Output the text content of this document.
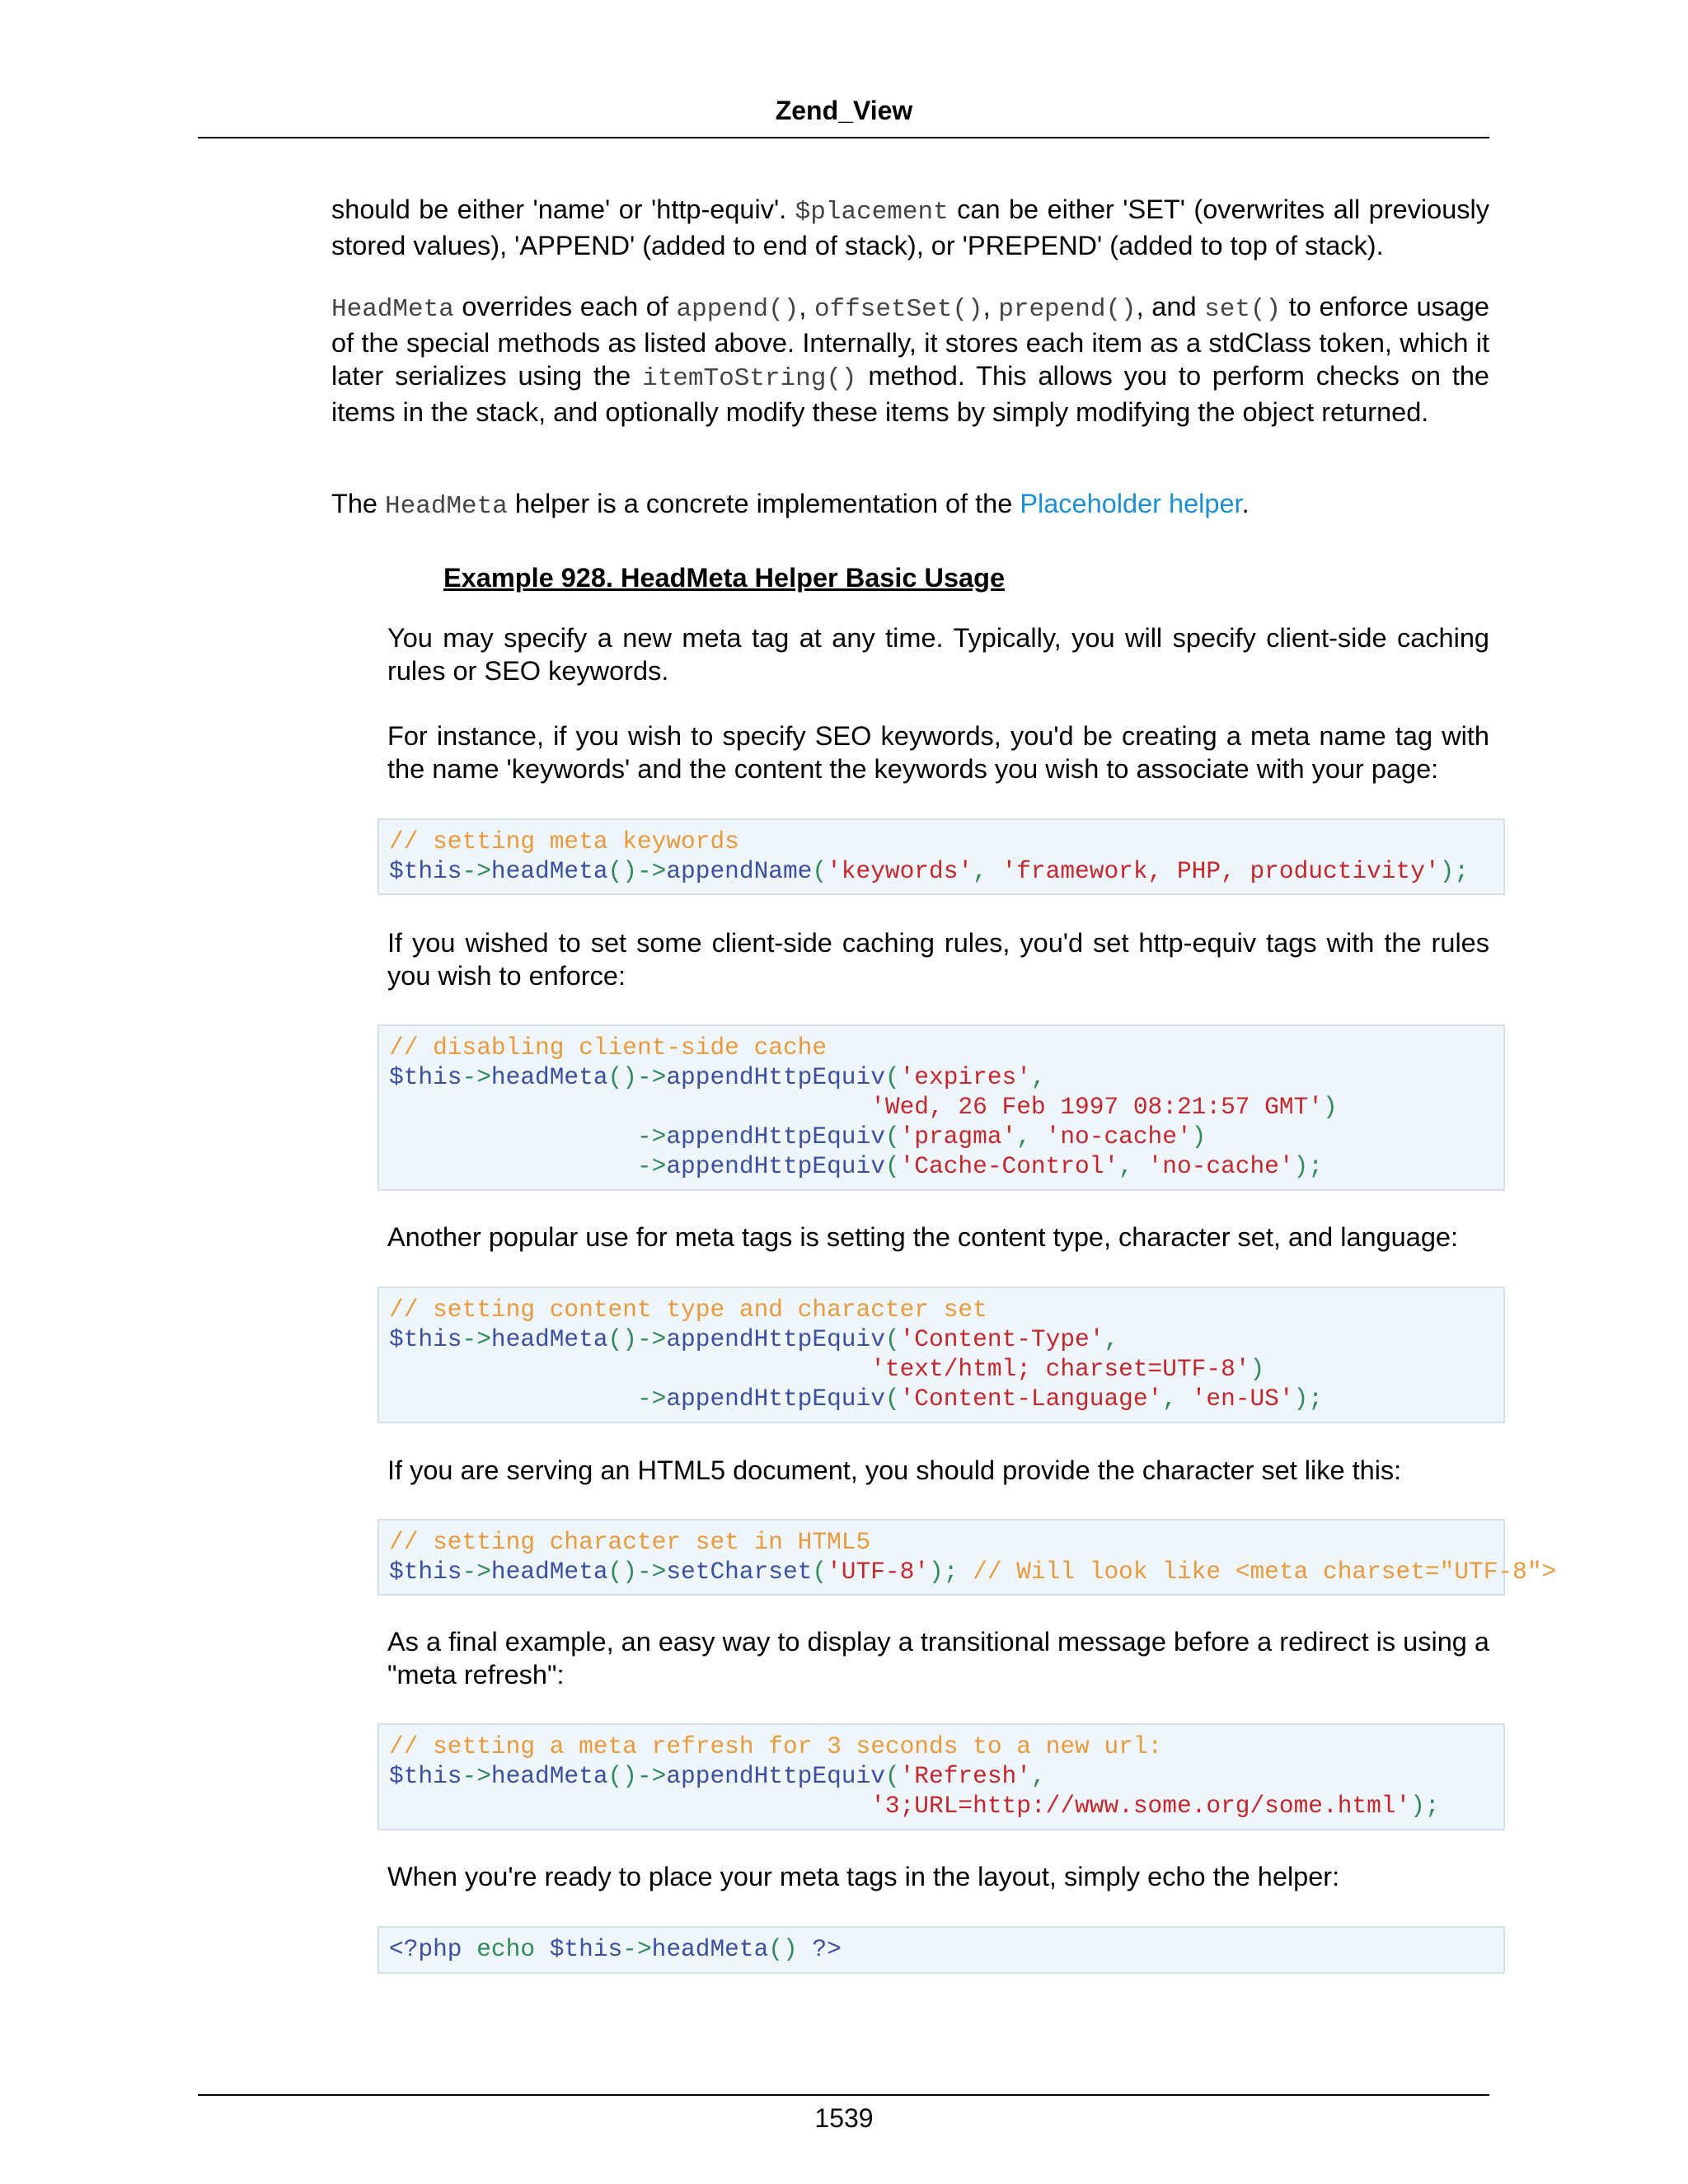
Zend_View

should be either 'name' or 'http-equiv'. $placement can be either 'SET' (overwrites all previously stored values), 'APPEND' (added to end of stack), or 'PREPEND' (added to top of stack).

HeadMeta overrides each of append(), offsetSet(), prepend(), and set() to enforce usage of the special methods as listed above. Internally, it stores each item as a stdClass token, which it later serializes using the itemToString() method. This allows you to perform checks on the items in the stack, and optionally modify these items by simply modifying the object returned.

The HeadMeta helper is a concrete implementation of the Placeholder helper.

Example 928. HeadMeta Helper Basic Usage

You may specify a new meta tag at any time. Typically, you will specify client-side caching rules or SEO keywords.

For instance, if you wish to specify SEO keywords, you'd be creating a meta name tag with the name 'keywords' and the content the keywords you wish to associate with your page:

// setting meta keywords
$this->headMeta()->appendName('keywords', 'framework, PHP, productivity');

If you wished to set some client-side caching rules, you'd set http-equiv tags with the rules you wish to enforce:

// disabling client-side cache
$this->headMeta()->appendHttpEquiv('expires',
'Wed, 26 Feb 1997 08:21:57 GMT')
->appendHttpEquiv('pragma', 'no-cache')
->appendHttpEquiv('Cache-Control', 'no-cache');

Another popular use for meta tags is setting the content type, character set, and language:

// setting content type and character set
$this->headMeta()->appendHttpEquiv('Content-Type',
'text/html; charset=UTF-8')
->appendHttpEquiv('Content-Language', 'en-US');

If you are serving an HTML5 document, you should provide the character set like this:

// setting character set in HTML5
$this->headMeta()->setCharset('UTF-8'); // Will look like <meta charset="UTF-8">

As a final example, an easy way to display a transitional message before a redirect is using a "meta refresh":

// setting a meta refresh for 3 seconds to a new url:
$this->headMeta()->appendHttpEquiv('Refresh',
'3;URL=http://www.some.org/some.html');

When you're ready to place your meta tags in the layout, simply echo the helper:

<?php echo $this->headMeta() ?>
1539
